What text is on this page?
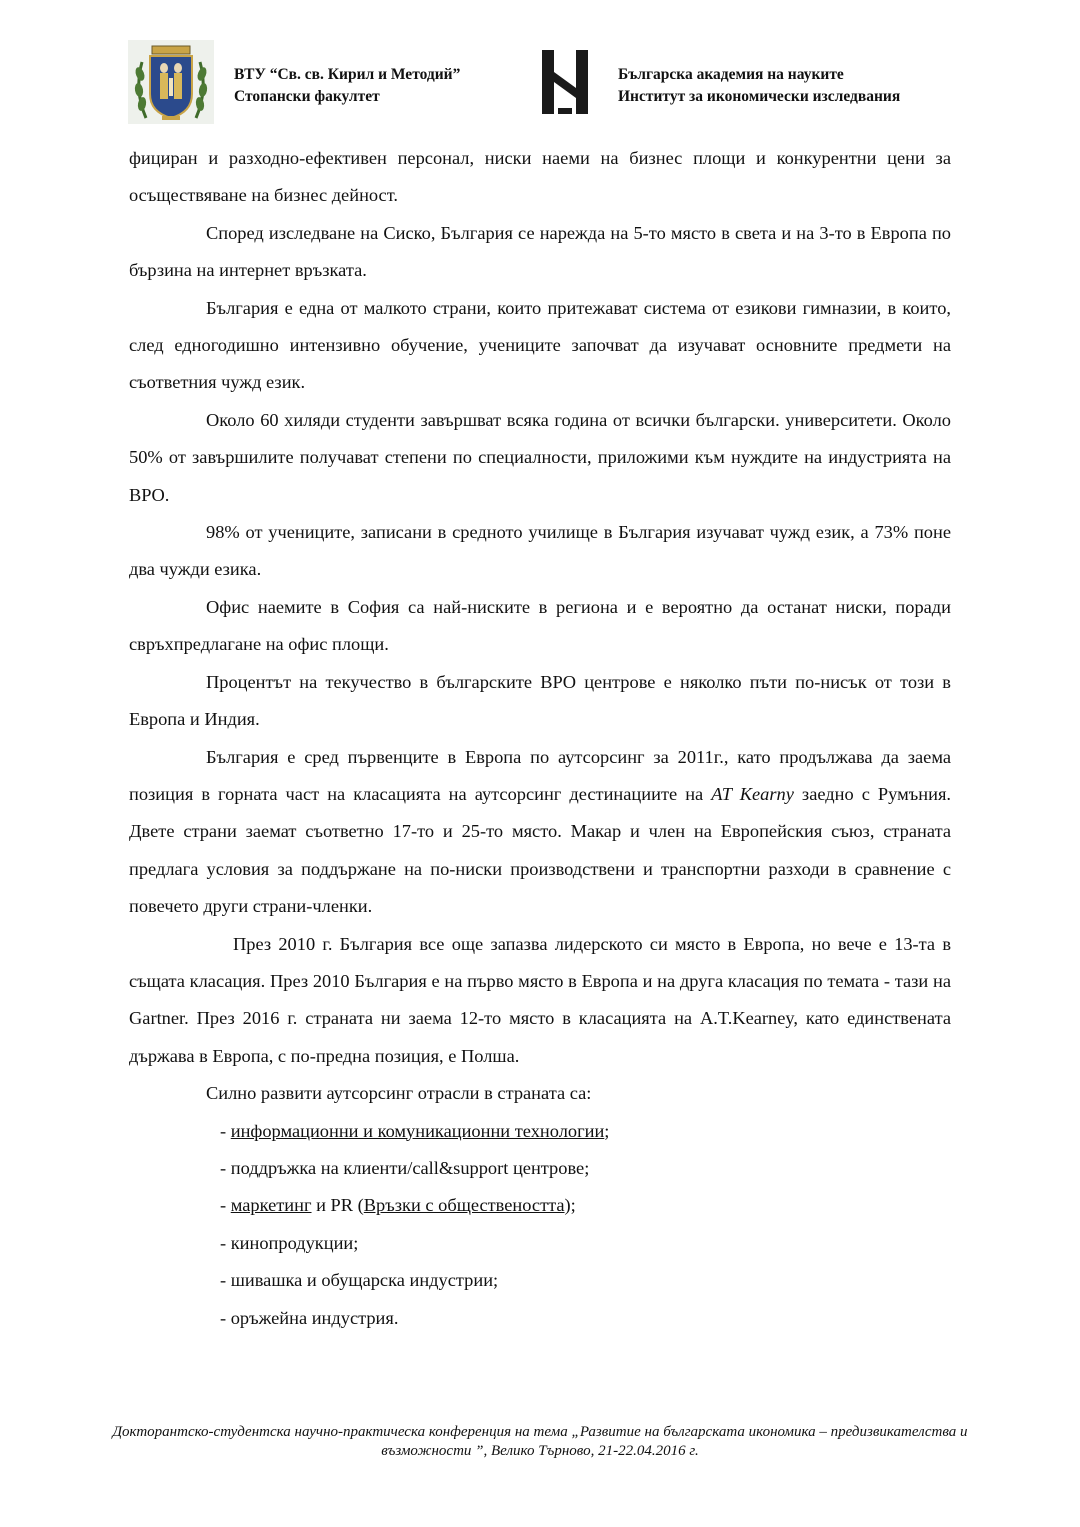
ВТУ “Св. св. Кирил и Методий”
Стопански факултет
Българска академия на науките
Институт за икономически изследвания

фициран и разходно-ефективен персонал, ниски наеми на бизнес площи и конкурентни цени за осъществяване на бизнес дейност.

Според изследване на Сиско, България се нарежда на 5-то място в света и на 3-то в Европа по бързина на интернет връзката.

България е една от малкото страни, които притежават система от езикови гимназии, в които, след едногодишно интензивно обучение, учениците започват да изучават основните предмети на съответния чужд език.

Около 60 хиляди студенти завършват всяка година от всички български. университети. Около 50% от завършилите получават степени по специалности, приложими към нуждите на индустрията на BPO.

98% от учениците, записани в средното училище в България изучават чужд език, а 73% поне два чужди езика.

Офис наемите в София са най-ниските в региона и е вероятно да останат ниски, поради свръхпредлагане на офис площи.

Процентът на текучество в българските BPO центрове е няколко пъти по-нисък от този в Европа и Индия.

България е сред първенците в Европа по аутсорсинг за 2011г., като продължава да заема позиция в горната част на класацията на аутсорсинг дестинациите на AT Kearny заедно с Румъния. Двете страни заемат съответно 17-то и 25-то място. Макар и член на Европейския съюз, страната предлага условия за поддържане на по-ниски производствени и транспортни разходи в сравнение с повечето други страни-членки.

През 2010 г. България все още запазва лидерското си място в Европа, но вече е 13-та в същата класация. През 2010 България е на първо място в Европа и на друга класация по темата - тази на Gartner. През 2016 г. страната ни заема 12-то място в класацията на A.T.Kearney, като единствената държава в Европа, с по-предна позиция, е Полша.

Силно развити аутсорсинг отрасли в страната са:

- информационни и комуникационни технологии;
- поддръжка на клиенти/call&support центрове;
- маркетинг и PR (Връзки с обществеността);
- кинопродукции;
- шивашка и обущарска индустрии;
- оръжейна индустрия.
Докторантско-студентска научно-практическа конференция на тема „Развитие на българската икономика – предизвикателства и възможности ”, Велико Търново, 21-22.04.2016 г.
